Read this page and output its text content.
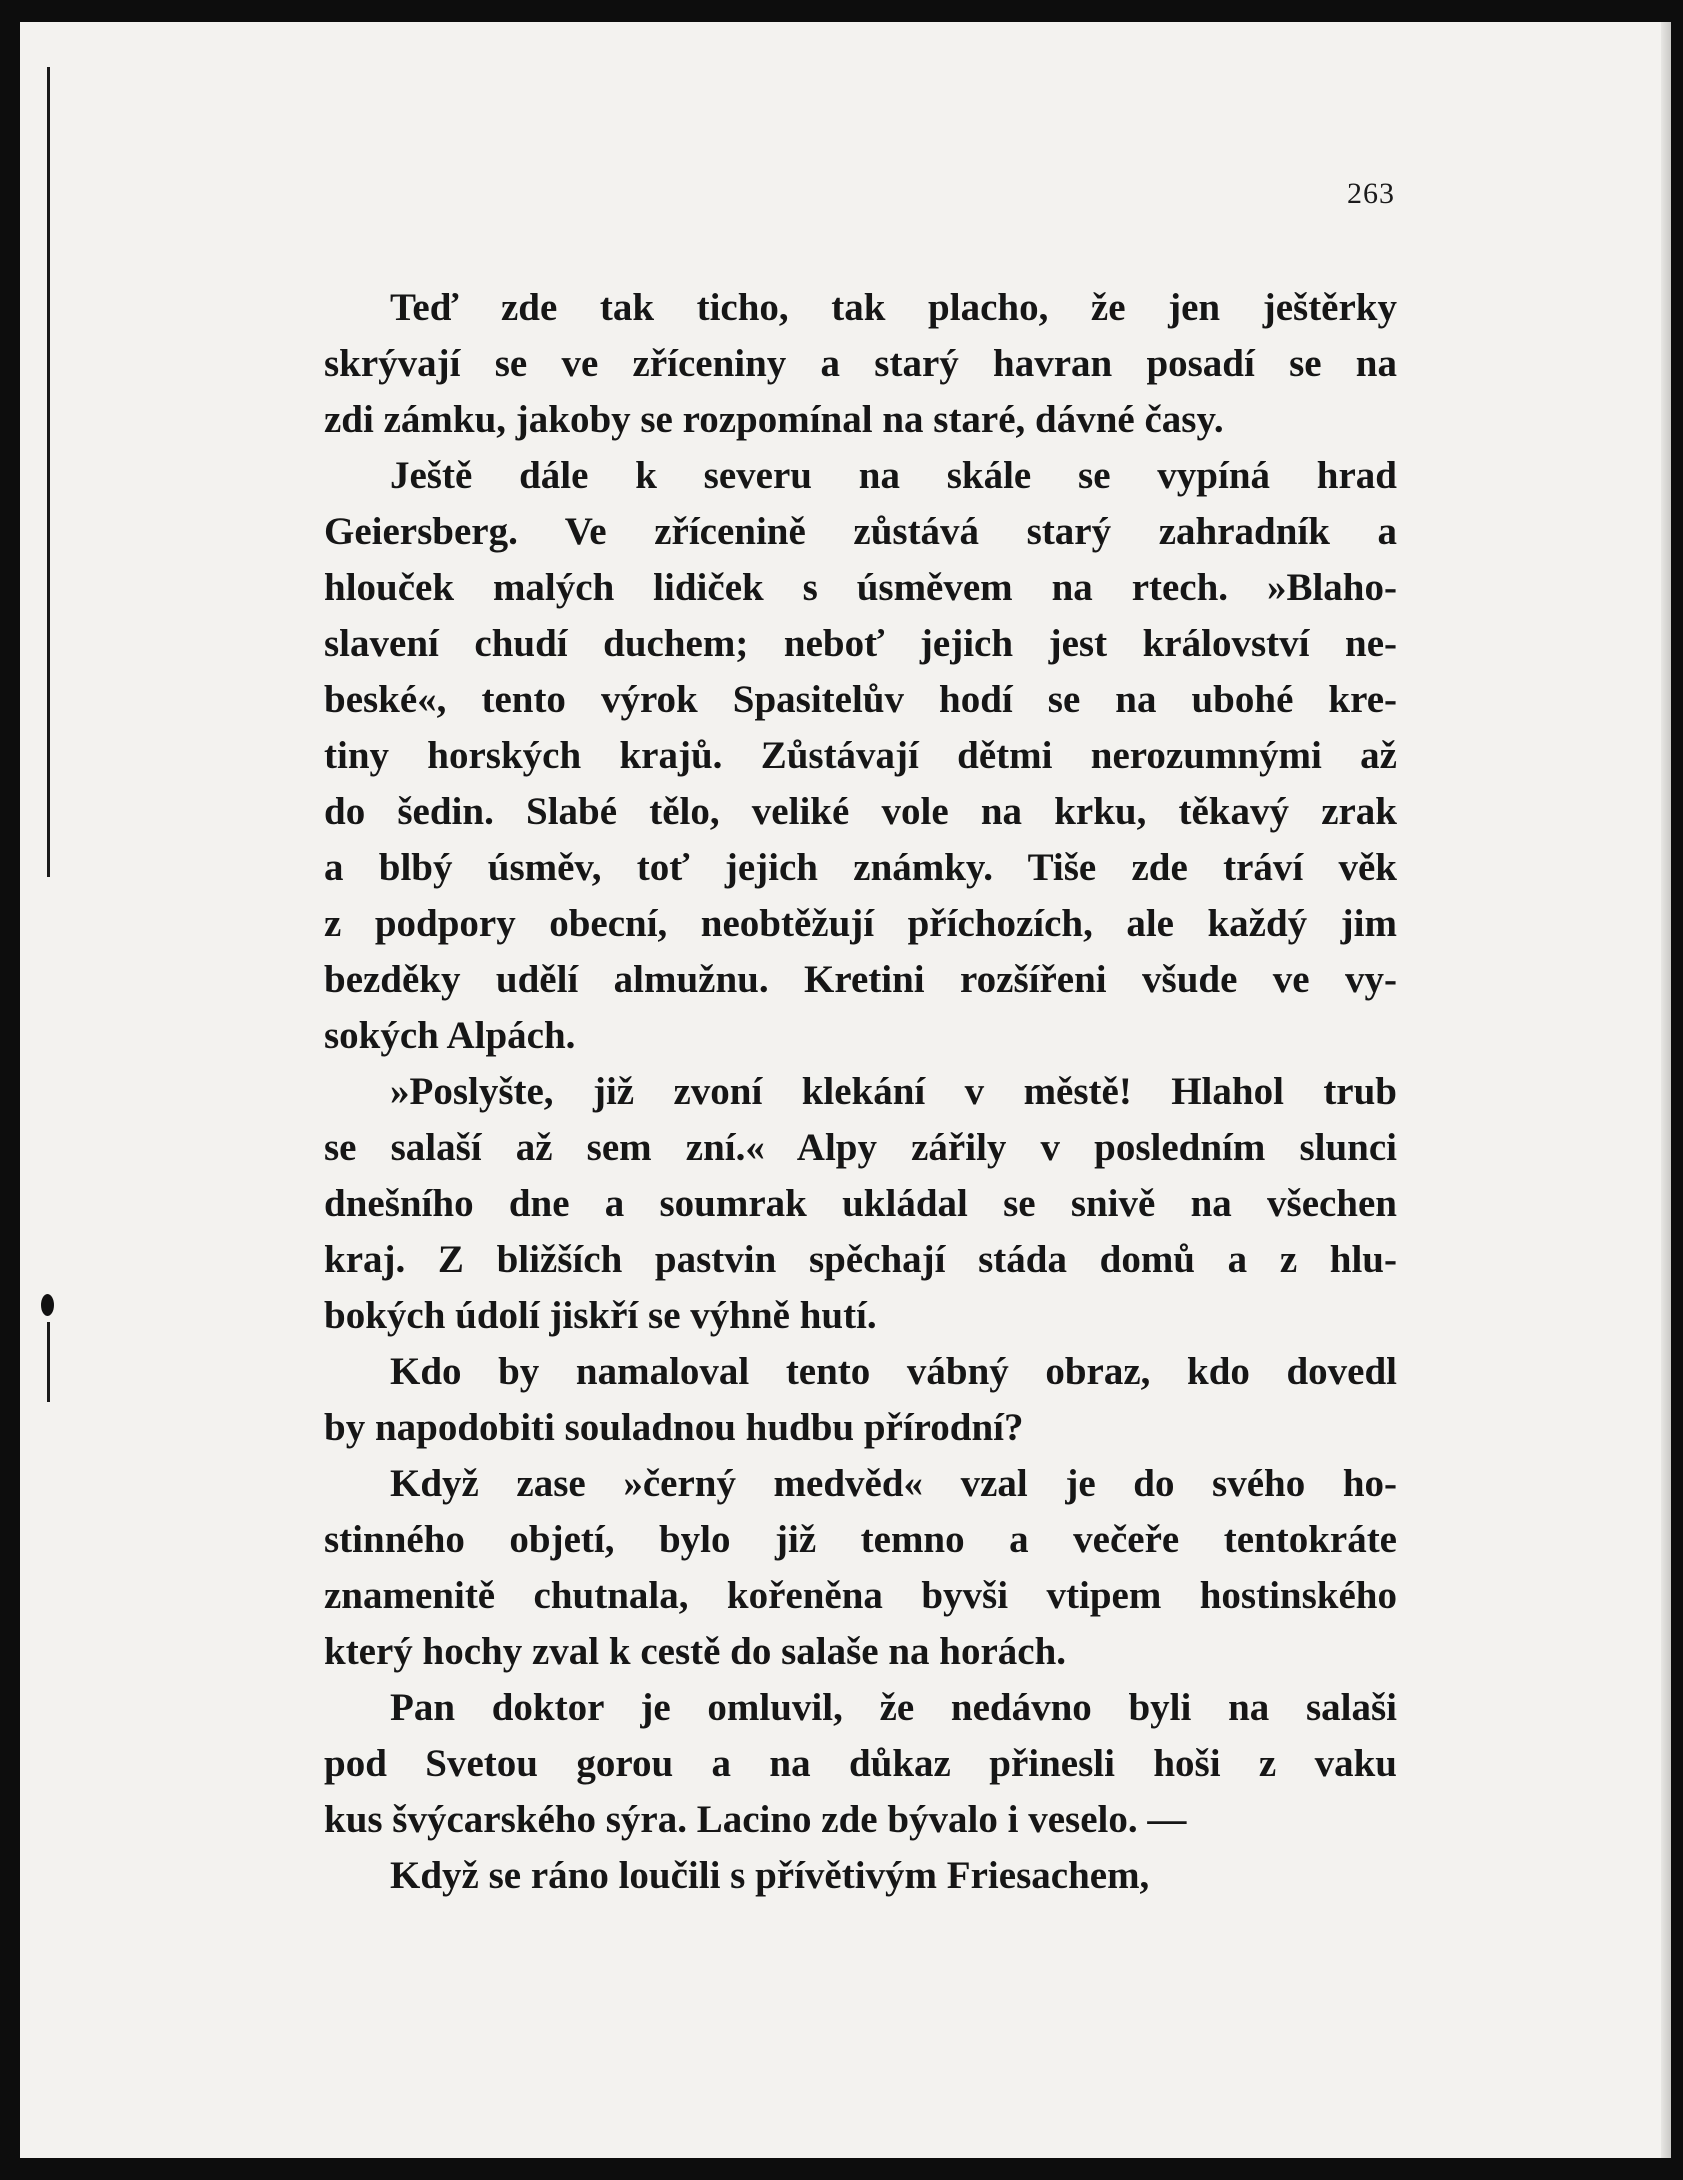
263
Teď zde tak ticho, tak placho, že jen ještěrky
skrývají se ve zříceniny a starý havran posadí se na
zdi zámku, jakoby se rozpomínal na staré, dávné časy.
Ještě dále k severu na skále se vypíná hrad
Geiersberg. Ve zřícenině zůstává starý zahradník a
hlouček malých lidiček s úsměvem na rtech. »Blaho-
slavení chudí duchem; neboť jejich jest království ne-
beské«, tento výrok Spasitelův hodí se na ubohé kre-
tiny horských krajů. Zůstávají dětmi nerozumnými až
do šedin. Slabé tělo, veliké vole na krku, těkavý zrak
a blbý úsměv, toť jejich známky. Tiše zde tráví věk
z podpory obecní, neobtěžují příchozích, ale každý jim
bezděky udělí almužnu. Kretini rozšířeni všude ve vy-
sokých Alpách.
»Poslyšte, již zvoní klekání v městě! Hlahol trub
se salaší až sem zní.« Alpy zářily v posledním slunci
dnešního dne a soumrak ukládal se snivě na všechen
kraj. Z bližších pastvin spěchají stáda domů a z hlu-
bokých údolí jiskří se výhně hutí.
Kdo by namaloval tento vábný obraz, kdo dovedl
by napodobiti souladnou hudbu přírodní?
Když zase »černý medvěd« vzal je do svého ho-
stinného objetí, bylo již temno a večeře tentokráte
znamenitě chutnala, kořeněna byvši vtipem hostinského
který hochy zval k cestě do salaše na horách.
Pan doktor je omluvil, že nedávno byli na salaši
pod Svetou gorou a na důkaz přinesli hoši z vaku
kus švýcarského sýra. Lacino zde bývalo i veselo. —
Když se ráno loučili s přívětivým Friesachem,
